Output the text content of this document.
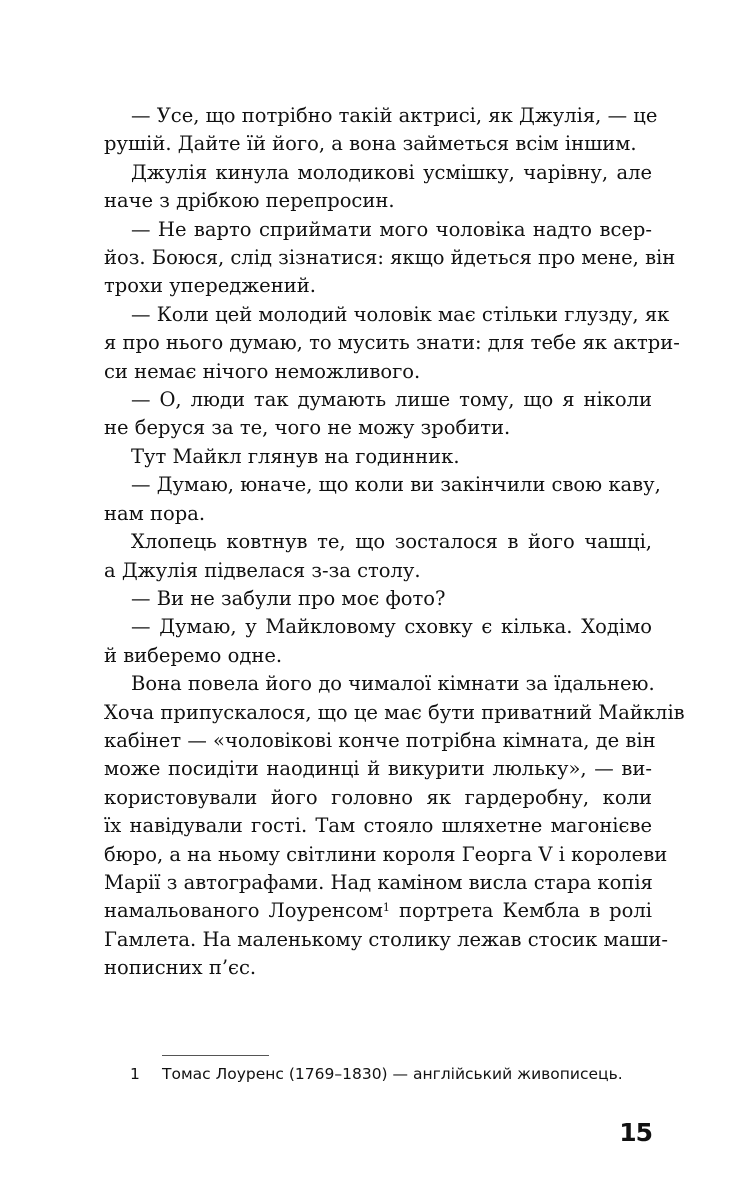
— Усе, що потрібно такій актрисі, як Джулія, — це
рушій. Дайте їй його, а вона займеться всім іншим.

Джулія кинула молодикові усмішку, чарівну, але
наче з дрібкою перепросин.

— Не варто сприймати мого чоловіка надто всер-
йоз. Боюся, слід зізнатися: якщо йдеться про мене, він
трохи упереджений.

— Коли цей молодий чоловік має стільки глузду, як
я про нього думаю, то мусить знати: для тебе як актри-
си немає нічого неможливого.

— О, люди так думають лише тому, що я ніколи
не беруся за те, чого не можу зробити.

Тут Майкл глянув на годинник.

— Думаю, юначе, що коли ви закінчили свою каву,
нам пора.

Хлопець ковтнув те, що зосталося в його чашці,
а Джулія підвелася з-за столу.

— Ви не забули про моє фото?

— Думаю, у Майкловому сховку є кілька. Ходімо
й виберемо одне.

Вона повела його до чималої кімнати за їдальнею.
Хоча припускалося, що це має бути приватний Майклів
кабінет — «чоловікові конче потрібна кімната, де він
може посидіти наодинці й викурити люльку», — ви-
користовували його головно як гардеробну, коли
їх навідували гості. Там стояло шляхетне магонієве
бюро, а на ньому світлини короля Георга V і королеви
Марії з автографами. Над каміном висла стара копія
намальованого Лоуренсом$^1$ портрета Кембла в ролі
Гамлета. На маленькому столику лежав стосик маши-
нописних п’єс.

1 Томас Лоуренс (1769–1830) — англійський живописець.
15
